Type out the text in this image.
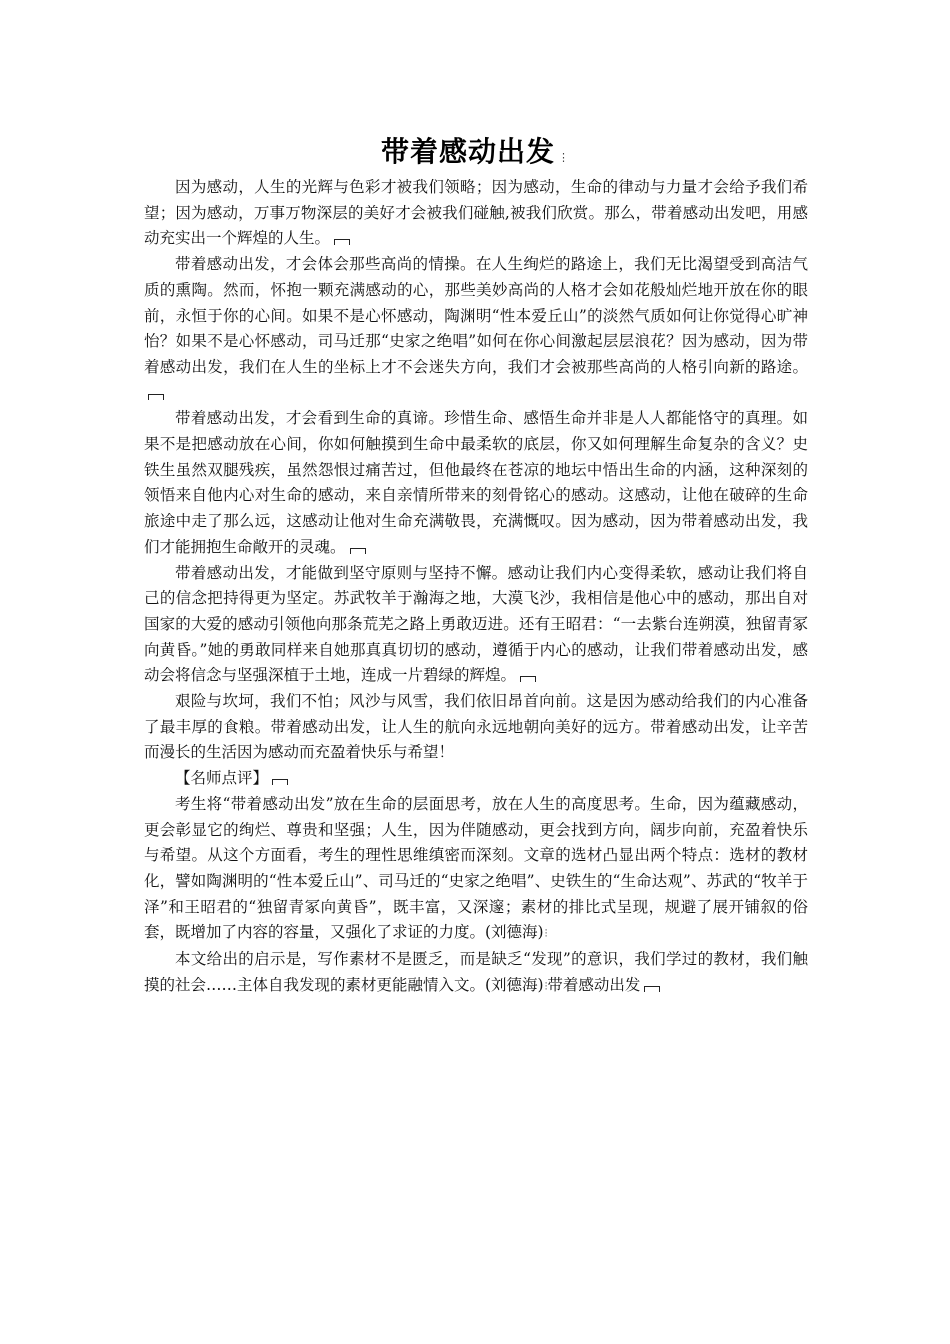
带着感动出发 ⋮

因为感动，人生的光辉与色彩才被我们领略；因为感动，生命的律动与力量才会给予我们希望；因为感动，万事万物深层的美好才会被我们碰触,被我们欣赏。那么，带着感动出发吧，用感动充实出一个辉煌的人生。

带着感动出发，才会体会那些高尚的情操。在人生绚烂的路途上，我们无比渴望受到高洁气质的熏陶。然而，怀抱一颗充满感动的心，那些美妙高尚的人格才会如花般灿烂地开放在你的眼前，永恒于你的心间。如果不是心怀感动，陶渊明“性本爱丘山”的淡然气质如何让你觉得心旷神怡？如果不是心怀感动，司马迁那“史家之绝唱”如何在你心间激起层层浪花？因为感动，因为带着感动出发，我们在人生的坐标上才不会迷失方向，我们才会被那些高尚的人格引向新的路途。

带着感动出发，才会看到生命的真谛。珍惜生命、感悟生命并非是人人都能恪守的真理。如果不是把感动放在心间，你如何触摸到生命中最柔软的底层，你又如何理解生命复杂的含义？史铁生虽然双腿残疾，虽然怨恨过痛苦过，但他最终在苍凉的地坛中悟出生命的内涵，这种深刻的领悟来自他内心对生命的感动，来自亲情所带来的刻骨铭心的感动。这感动，让他在破碎的生命旅途中走了那么远，这感动让他对生命充满敬畏，充满慨叹。因为感动，因为带着感动出发，我们才能拥抱生命敞开的灵魂。

带着感动出发，才能做到坚守原则与坚持不懈。感动让我们内心变得柔软，感动让我们将自己的信念把持得更为坚定。苏武牧羊于瀚海之地，大漠飞沙，我相信是他心中的感动，那出自对国家的大爱的感动引领他向那条荒芜之路上勇敢迈进。还有王昭君：“一去紫台连朔漠，独留青冢向黄昏。”她的勇敢同样来自她那真真切切的感动，遵循于内心的感动，让我们带着感动出发，感动会将信念与坚强深植于土地，连成一片碧绿的辉煌。

艰险与坎坷，我们不怕；风沙与风雪，我们依旧昂首向前。这是因为感动给我们的内心准备了最丰厚的食粮。带着感动出发，让人生的航向永远地朝向美好的远方。带着感动出发，让辛苦而漫长的生活因为感动而充盈着快乐与希望！

【名师点评】

考生将“带着感动出发”放在生命的层面思考，放在人生的高度思考。生命，因为蕴藏感动，更会彰显它的绚烂、尊贵和坚强；人生，因为伴随感动，更会找到方向，阔步向前，充盈着快乐与希望。从这个方面看，考生的理性思维缜密而深刻。文章的选材凸显出两个特点：选材的教材化，譬如陶渊明的“性本爱丘山”、司马迁的“史家之绝唱”、史铁生的“生命达观”、苏武的“牧羊于泽”和王昭君的“独留青冢向黄昏”，既丰富，又深邃；素材的排比式呈现，规避了展开铺叙的俗套，既增加了内容的容量，又强化了求证的力度。(刘德海)⫶

本文给出的启示是，写作素材不是匮乏，而是缺乏“发现”的意识，我们学过的教材，我们触摸的社会……主体自我发现的素材更能融情入文。(刘德海)⫶带着感动出发
